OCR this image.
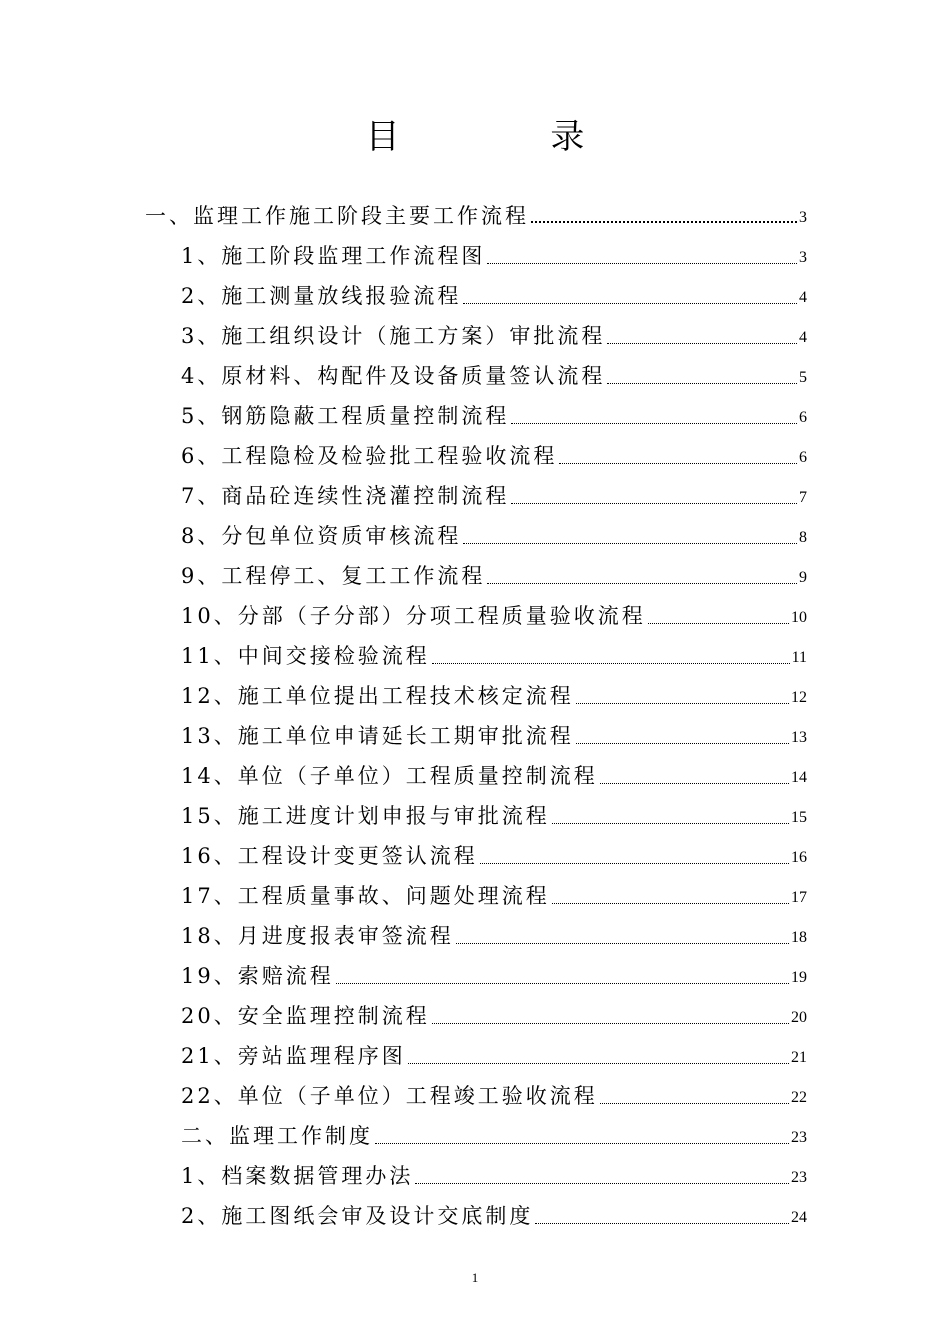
目 录
一、监理工作施工阶段主要工作流程	3
1、施工阶段监理工作流程图	3
2、施工测量放线报验流程	4
3、施工组织设计（施工方案）审批流程	4
4、原材料、构配件及设备质量签认流程	5
5、钢筋隐蔽工程质量控制流程	6
6、工程隐检及检验批工程验收流程	6
7、商品砼连续性浇灌控制流程	7
8、分包单位资质审核流程	8
9、工程停工、复工工作流程	9
10、分部（子分部）分项工程质量验收流程	10
11、中间交接检验流程	11
12、施工单位提出工程技术核定流程	12
13、施工单位申请延长工期审批流程	13
14、单位（子单位）工程质量控制流程	14
15、施工进度计划申报与审批流程	15
16、工程设计变更签认流程	16
17、工程质量事故、问题处理流程	17
18、月进度报表审签流程	18
19、索赔流程	19
20、安全监理控制流程	20
21、旁站监理程序图	21
22、单位（子单位）工程竣工验收流程	22
二、监理工作制度	23
1、档案数据管理办法	23
2、施工图纸会审及设计交底制度	24
1
